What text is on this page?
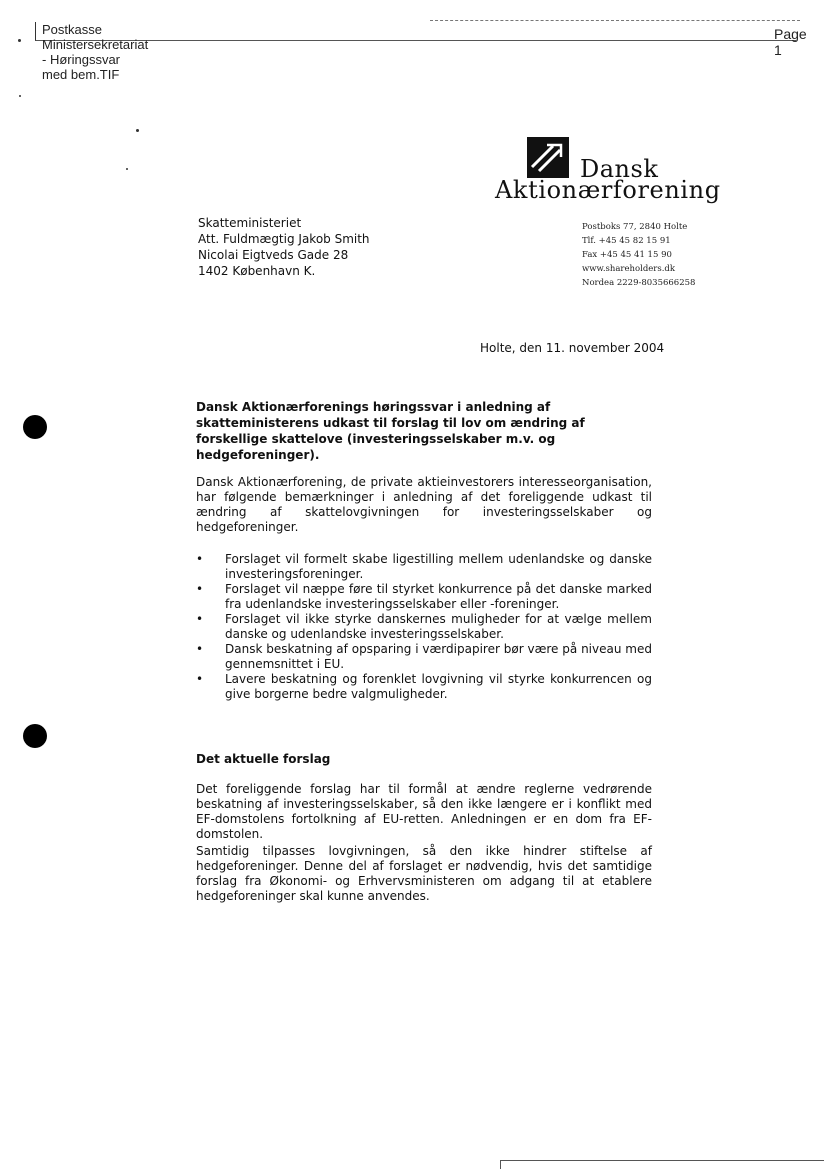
Postkasse Ministersekretariat - Høringssvar med bem.TIF
Page 1
Dansk
Aktionærforening
Skatteministeriet
Att. Fuldmægtig Jakob Smith
Nicolai Eigtveds Gade 28
1402 København K.
Postboks 77, 2840 Holte
Tlf. +45 45 82 15 91
Fax +45 45 41 15 90
www.shareholders.dk
Nordea 2229-8035666258
Holte, den 11. november 2004
Dansk Aktionærforenings høringssvar i anledning af skatteministerens udkast til forslag til lov om ændring af forskellige skattelove (investeringsselskaber m.v. og hedgeforeninger).
Dansk Aktionærforening, de private aktieinvestorers interesseorganisation, har følgende bemærkninger i anledning af det foreliggende udkast til ændring af skattelovgivningen for investeringsselskaber og hedgeforeninger.
• Forslaget vil formelt skabe ligestilling mellem udenlandske og danske investeringsforeninger.
• Forslaget vil næppe føre til styrket konkurrence på det danske marked fra udenlandske investeringsselskaber eller -foreninger.
• Forslaget vil ikke styrke danskernes muligheder for at vælge mellem danske og udenlandske investeringsselskaber.
• Dansk beskatning af opsparing i værdipapirer bør være på niveau med gennemsnittet i EU.
• Lavere beskatning og forenklet lovgivning vil styrke konkurrencen og give borgerne bedre valgmuligheder.
Det aktuelle forslag
Det foreliggende forslag har til formål at ændre reglerne vedrørende beskatning af investeringsselskaber, så den ikke længere er i konflikt med EF-domstolens fortolkning af EU-retten. Anledningen er en dom fra EF-domstolen.
Samtidig tilpasses lovgivningen, så den ikke hindrer stiftelse af hedgeforeninger. Denne del af forslaget er nødvendig, hvis det samtidige forslag fra Økonomi- og Erhvervsministeren om adgang til at etablere hedgeforeninger skal kunne anvendes.
